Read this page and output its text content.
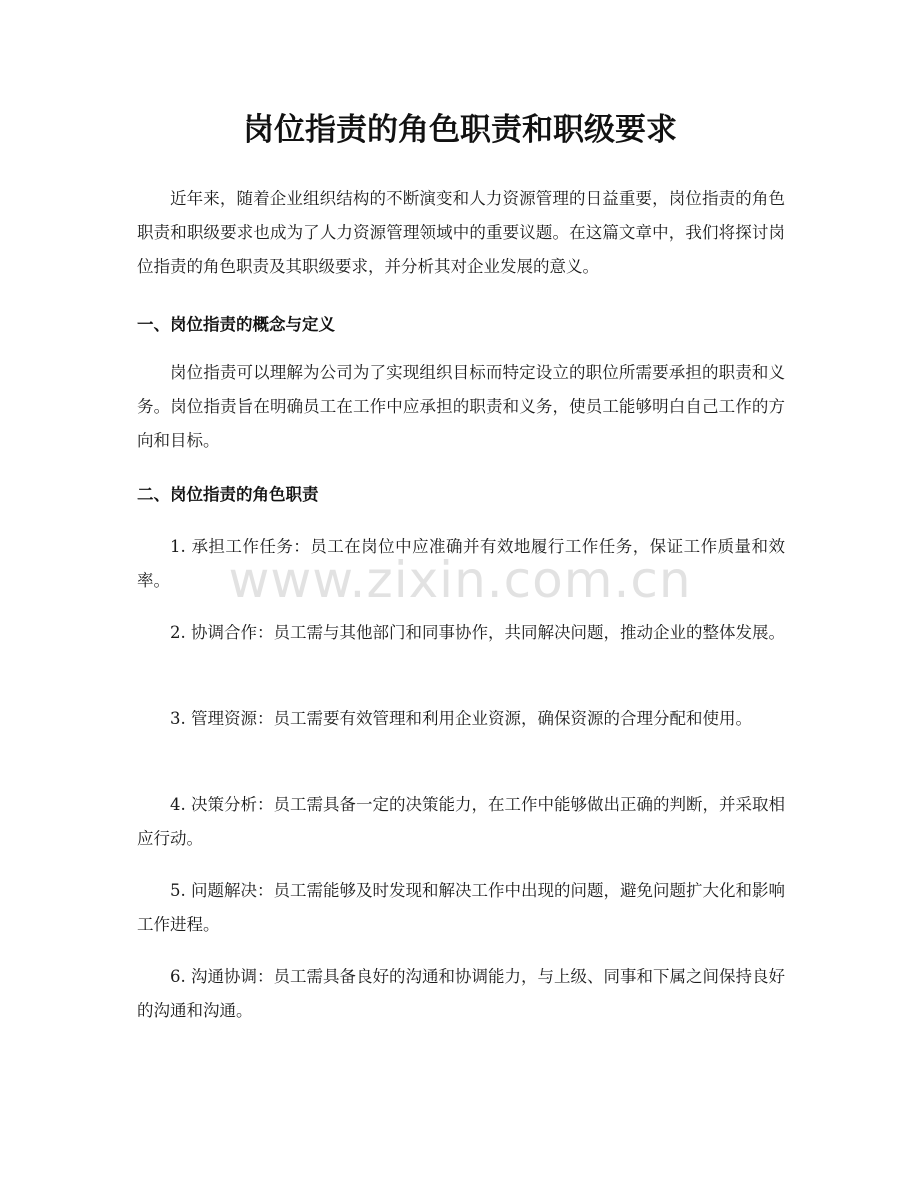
岗位指责的角色职责和职级要求

近年来，随着企业组织结构的不断演变和人力资源管理的日益重要，岗位指责的角色职责和职级要求也成为了人力资源管理领域中的重要议题。在这篇文章中，我们将探讨岗位指责的角色职责及其职级要求，并分析其对企业发展的意义。

一、岗位指责的概念与定义

岗位指责可以理解为公司为了实现组织目标而特定设立的职位所需要承担的职责和义务。岗位指责旨在明确员工在工作中应承担的职责和义务，使员工能够明白自己工作的方向和目标。

二、岗位指责的角色职责

1. 承担工作任务：员工在岗位中应准确并有效地履行工作任务，保证工作质量和效率。

2. 协调合作：员工需与其他部门和同事协作，共同解决问题，推动企业的整体发展。

3. 管理资源：员工需要有效管理和利用企业资源，确保资源的合理分配和使用。

4. 决策分析：员工需具备一定的决策能力，在工作中能够做出正确的判断，并采取相应行动。

5. 问题解决：员工需能够及时发现和解决工作中出现的问题，避免问题扩大化和影响工作进程。

6. 沟通协调：员工需具备良好的沟通和协调能力，与上级、同事和下属之间保持良好的沟通和沟通。

www.zixin.com.cn
